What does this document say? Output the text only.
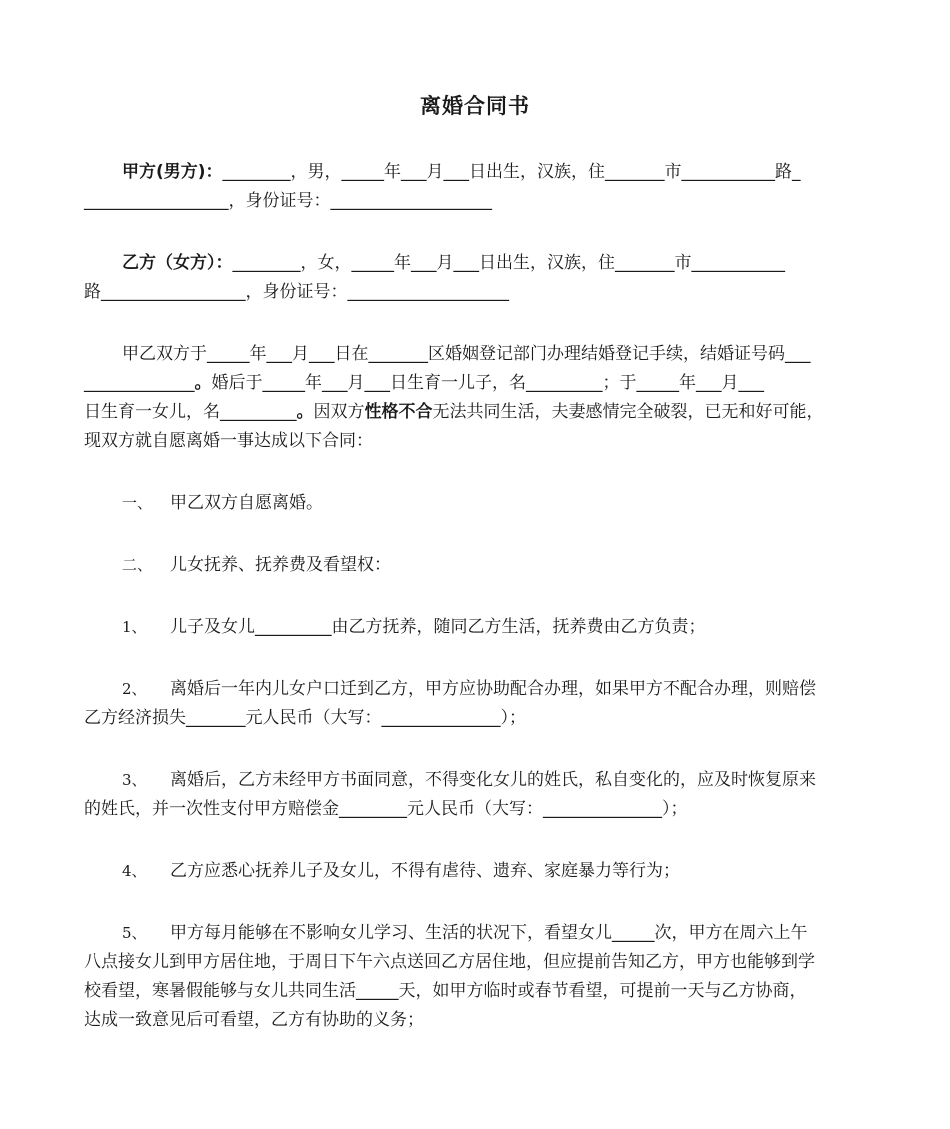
离婚合同书
甲方(男方)：________，男，_____年___月___日出生，汉族，住_______市___________路_
_________________，身份证号：___________________
乙方（女方）：________，女，_____年___月___日出生，汉族，住_______市___________
路_________________，身份证号：___________________
甲乙双方于_____年___月___日在_______区婚姻登记部门办理结婚登记手续，结婚证号码___
_____________。婚后于_____年___月___日生育一儿子，名_________；于_____年___月___
日生育一女儿，名_________。因双方性格不合无法共同生活，夫妻感情完全破裂，已无和好可能，
现双方就自愿离婚一事达成以下合同：
一、 甲乙双方自愿离婚。
二、 儿女抚养、抚养费及看望权：
1、 儿子及女儿_________由乙方抚养，随同乙方生活，抚养费由乙方负责；
2、 离婚后一年内儿女户口迁到乙方，甲方应协助配合办理，如果甲方不配合办理，则赔偿
乙方经济损失_______元人民币（大写：______________）；
3、 离婚后，乙方未经甲方书面同意，不得变化女儿的姓氏，私自变化的，应及时恢复原来
的姓氏，并一次性支付甲方赔偿金________元人民币（大写：______________）；
4、 乙方应悉心抚养儿子及女儿，不得有虐待、遗弃、家庭暴力等行为；
5、 甲方每月能够在不影响女儿学习、生活的状况下，看望女儿_____次，甲方在周六上午
八点接女儿到甲方居住地，于周日下午六点送回乙方居住地，但应提前告知乙方，甲方也能够到学
校看望，寒暑假能够与女儿共同生活_____天，如甲方临时或春节看望，可提前一天与乙方协商，
达成一致意见后可看望，乙方有协助的义务；
